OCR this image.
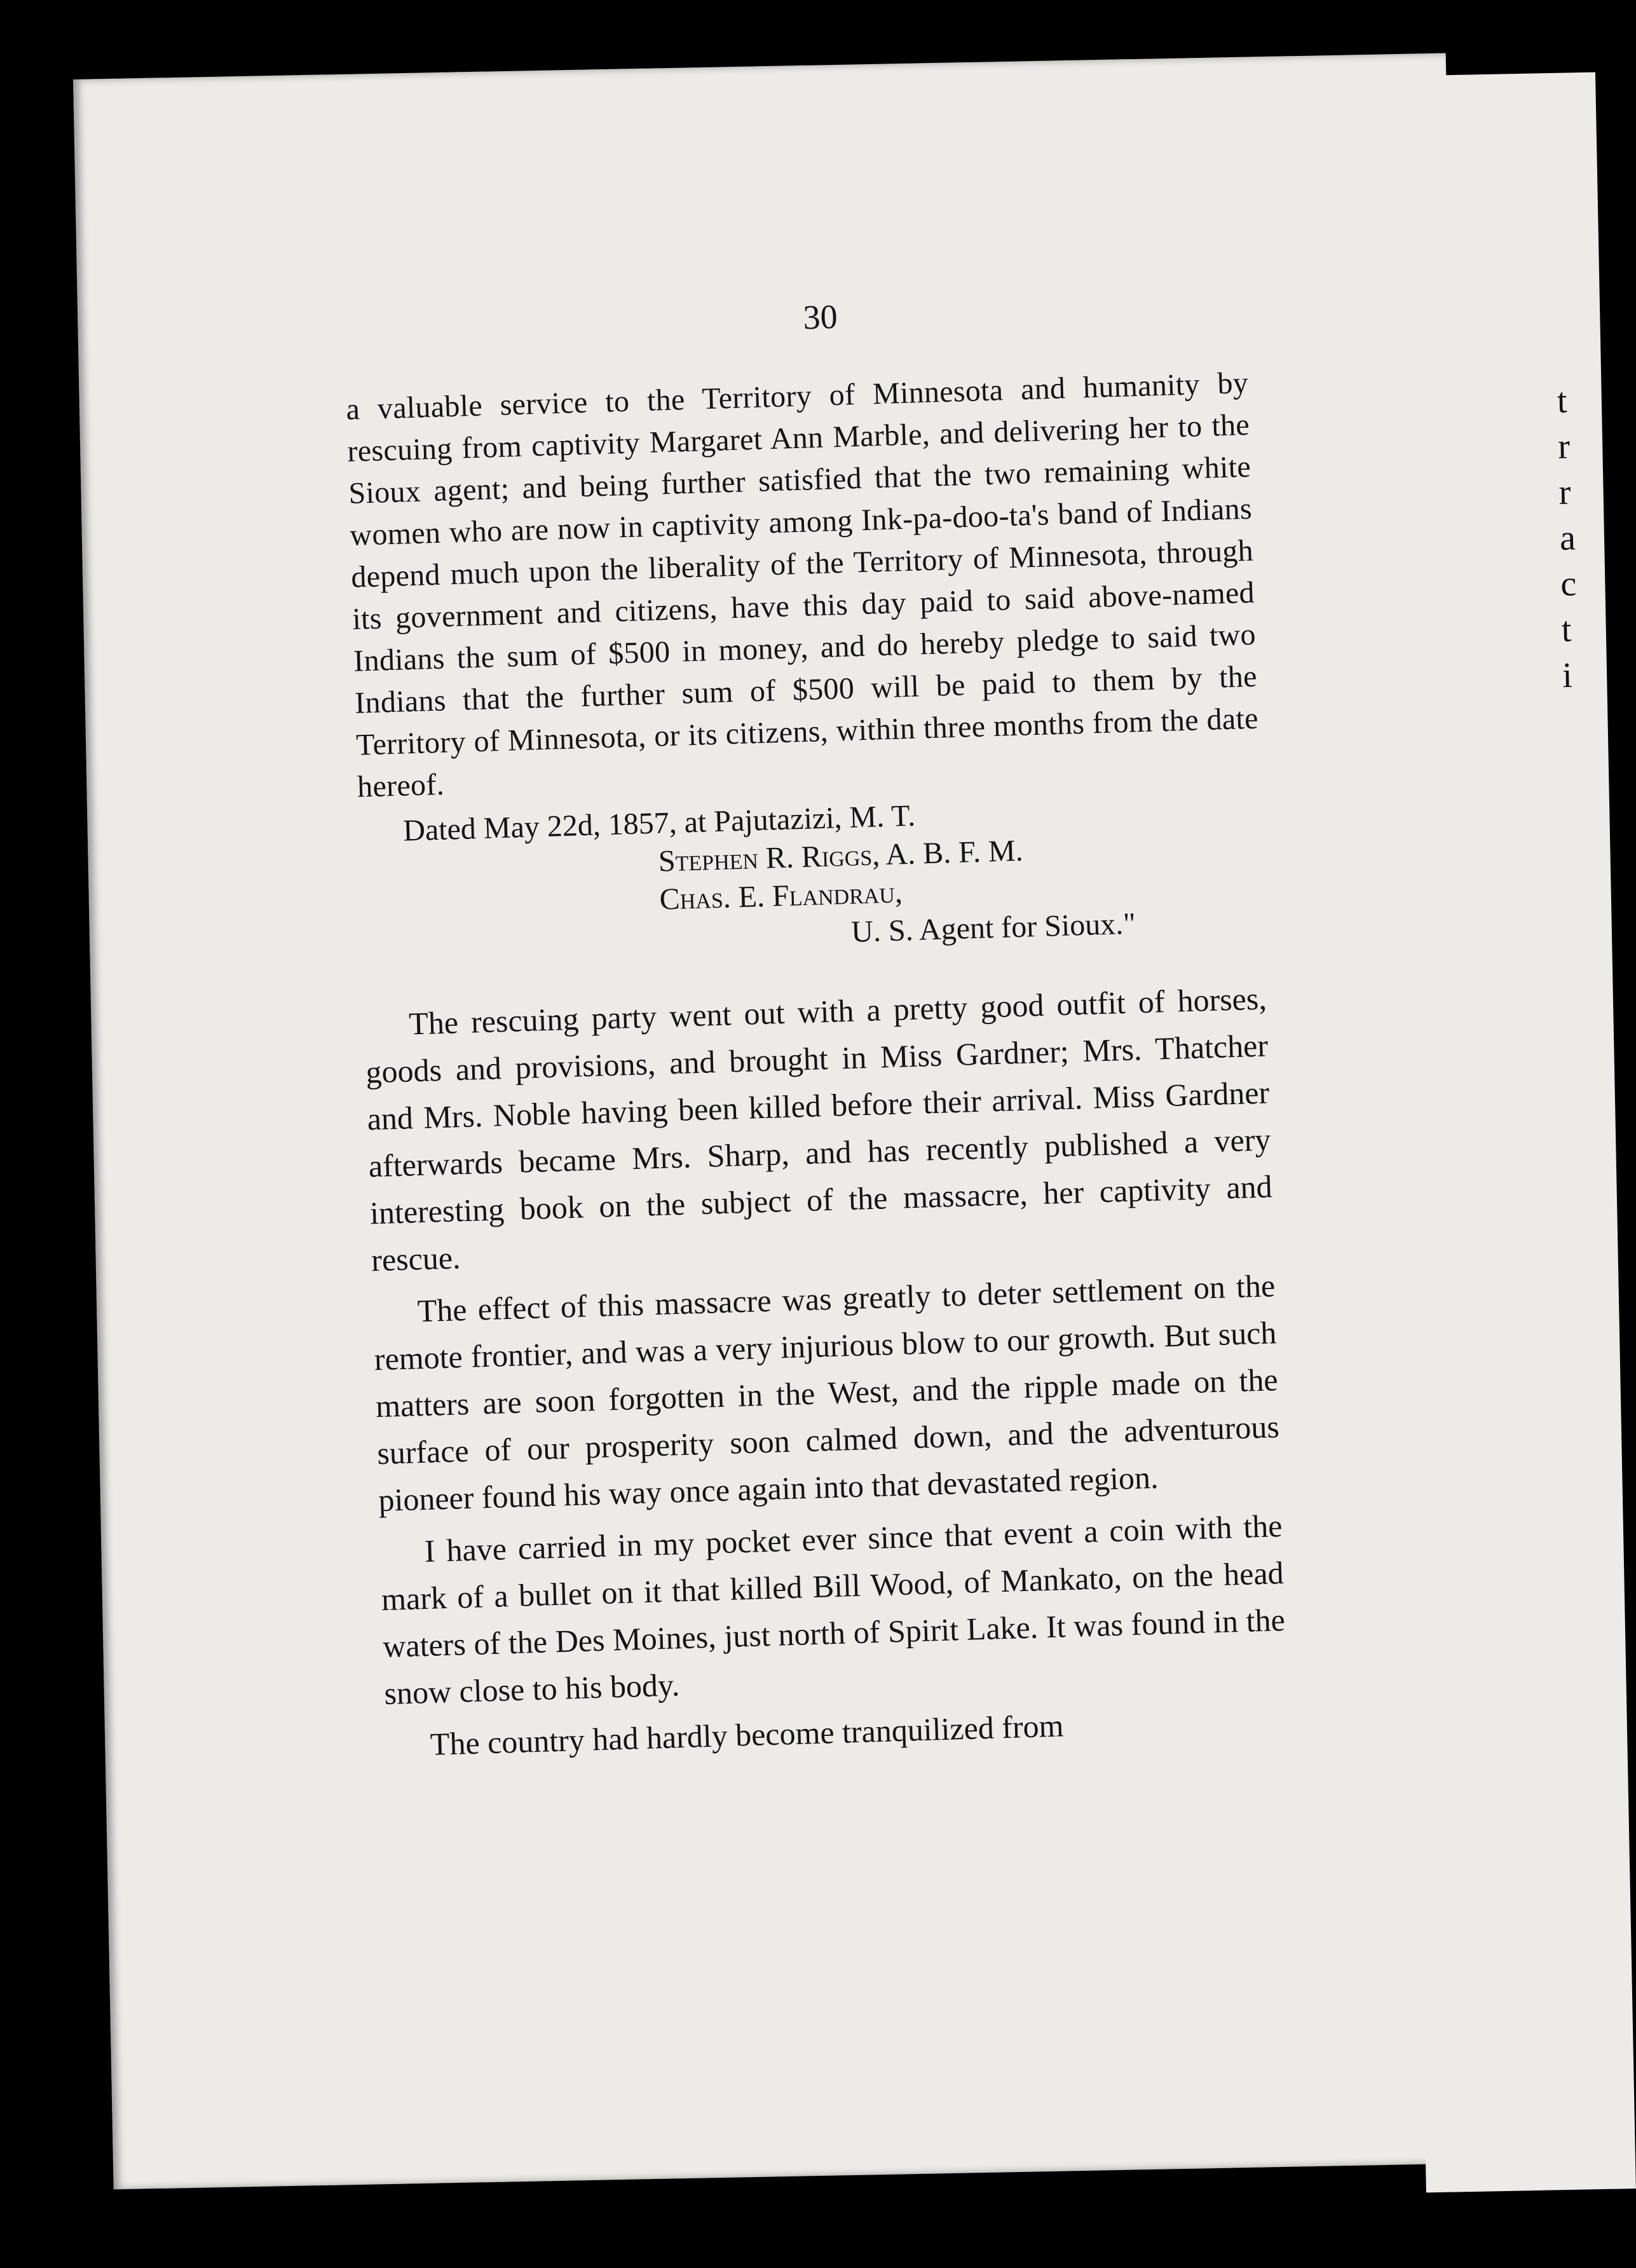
t
r
r
a
c
t
i
30

a valuable service to the Territory of Minnesota and humanity by rescuing from captivity Margaret Ann Marble, and delivering her to the Sioux agent; and being further satisfied that the two remaining white women who are now in captivity among Ink-pa-doo-ta's band of Indians depend much upon the liberality of the Territory of Minnesota, through its government and citizens, have this day paid to said above-named Indians the sum of $500 in money, and do hereby pledge to said two Indians that the further sum of $500 will be paid to them by the Territory of Minnesota, or its citizens, within three months from the date hereof.

Dated May 22d, 1857, at Pajutazizi, M. T.
Stephen R. Riggs, A. B. F. M.
Chas. E. Flandrau,
U. S. Agent for Sioux."

The rescuing party went out with a pretty good outfit of horses, goods and provisions, and brought in Miss Gardner; Mrs. Thatcher and Mrs. Noble having been killed before their arrival. Miss Gardner afterwards became Mrs. Sharp, and has recently published a very interesting book on the subject of the massacre, her captivity and rescue.

The effect of this massacre was greatly to deter settlement on the remote frontier, and was a very injurious blow to our growth. But such matters are soon forgotten in the West, and the ripple made on the surface of our prosperity soon calmed down, and the adventurous pioneer found his way once again into that devastated region.

I have carried in my pocket ever since that event a coin with the mark of a bullet on it that killed Bill Wood, of Mankato, on the head waters of the Des Moines, just north of Spirit Lake. It was found in the snow close to his body.

The country had hardly become tranquilized from
